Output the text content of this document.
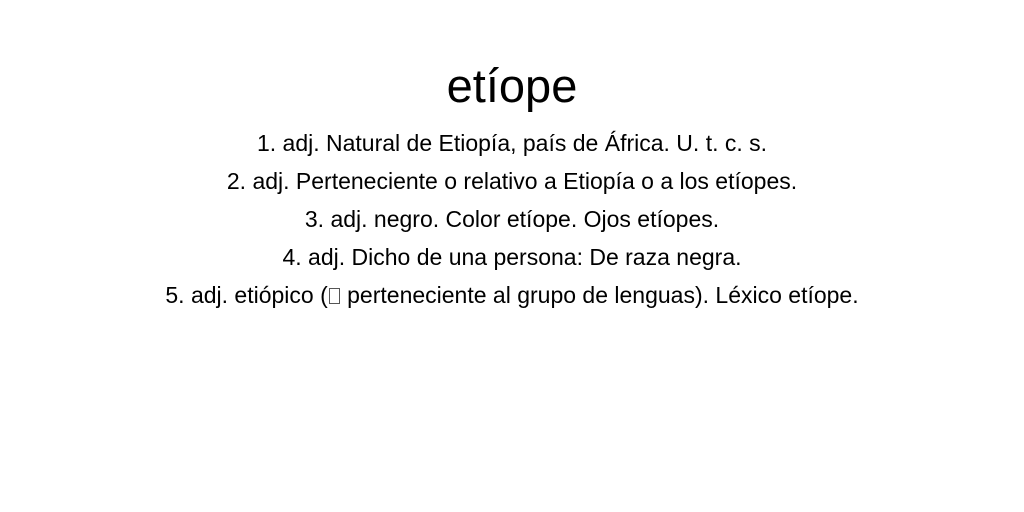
etíope
1. adj. Natural de Etiopía, país de África. U. t. c. s.
2. adj. Perteneciente o relativo a Etiopía o a los etíopes.
3. adj. negro. Color etíope. Ojos etíopes.
4. adj. Dicho de una persona: De raza negra.
5. adj. etiópico ( perteneciente al grupo de lenguas). Léxico etíope.
